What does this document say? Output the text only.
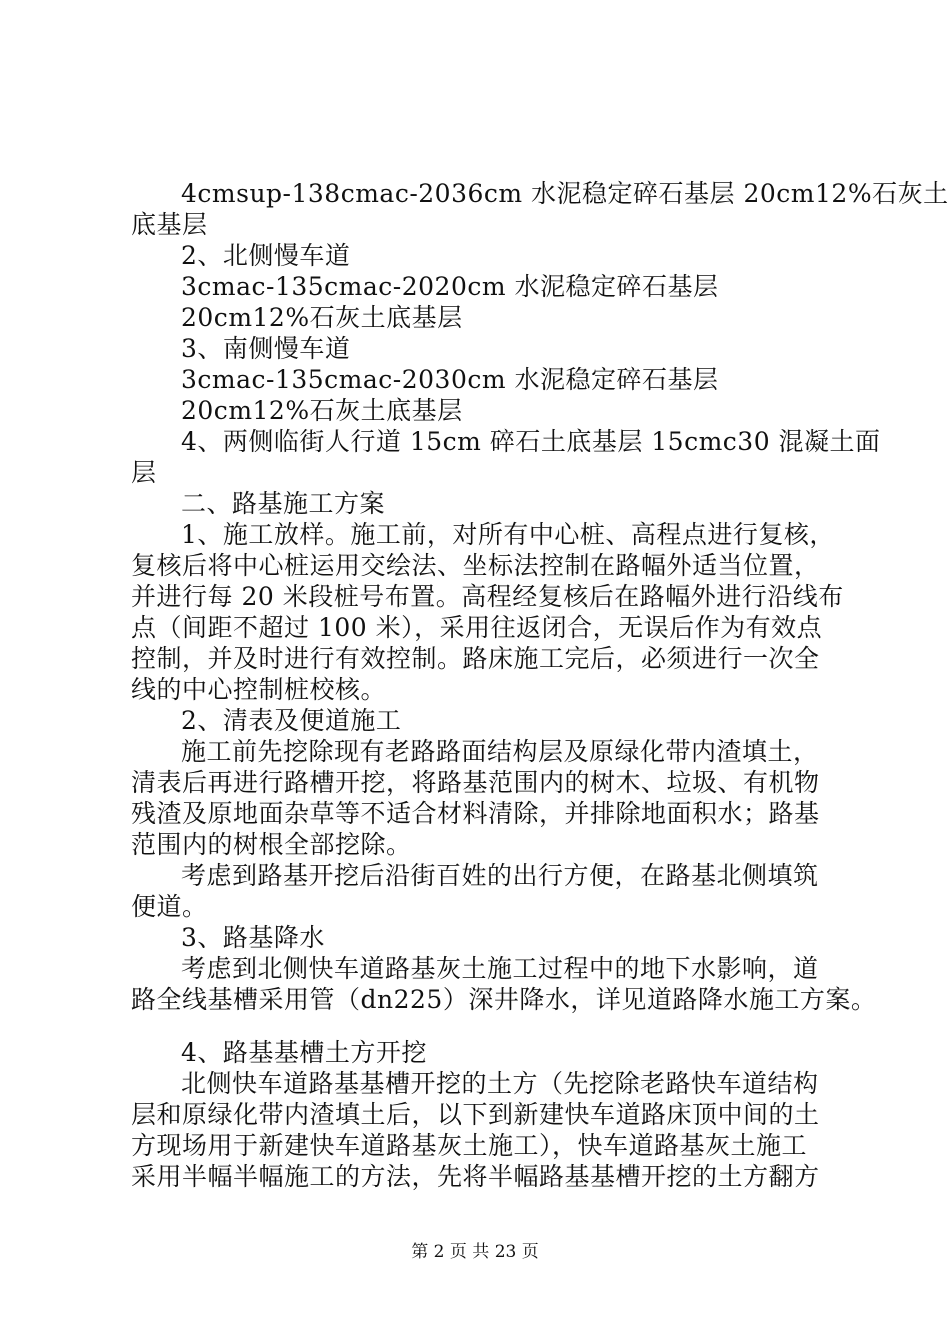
4cmsup-138cmac-2036cm 水泥稳定碎石基层 20cm12%石灰土
底基层
2、北侧慢车道
3cmac-135cmac-2020cm 水泥稳定碎石基层
20cm12%石灰土底基层
3、南侧慢车道
3cmac-135cmac-2030cm 水泥稳定碎石基层
20cm12%石灰土底基层
4、两侧临街人行道 15cm 碎石土底基层 15cmc30 混凝土面
层
二、路基施工方案
1、施工放样。施工前，对所有中心桩、高程点进行复核，
复核后将中心桩运用交绘法、坐标法控制在路幅外适当位置，
并进行每 20 米段桩号布置。高程经复核后在路幅外进行沿线布
点（间距不超过 100 米），采用往返闭合，无误后作为有效点
控制，并及时进行有效控制。路床施工完后，必须进行一次全
线的中心控制桩校核。
2、清表及便道施工
施工前先挖除现有老路路面结构层及原绿化带内渣填土，
清表后再进行路槽开挖，将路基范围内的树木、垃圾、有机物
残渣及原地面杂草等不适合材料清除，并排除地面积水；路基
范围内的树根全部挖除。
考虑到路基开挖后沿街百姓的出行方便，在路基北侧填筑
便道。
3、路基降水
考虑到北侧快车道路基灰土施工过程中的地下水影响，道
路全线基槽采用管（dn225）深井降水，详见道路降水施工方案。
4、路基基槽土方开挖
北侧快车道路基基槽开挖的土方（先挖除老路快车道结构
层和原绿化带内渣填土后，以下到新建快车道路床顶中间的土
方现场用于新建快车道路基灰土施工），快车道路基灰土施工
采用半幅半幅施工的方法，先将半幅路基基槽开挖的土方翻方
第 2 页 共 23 页
